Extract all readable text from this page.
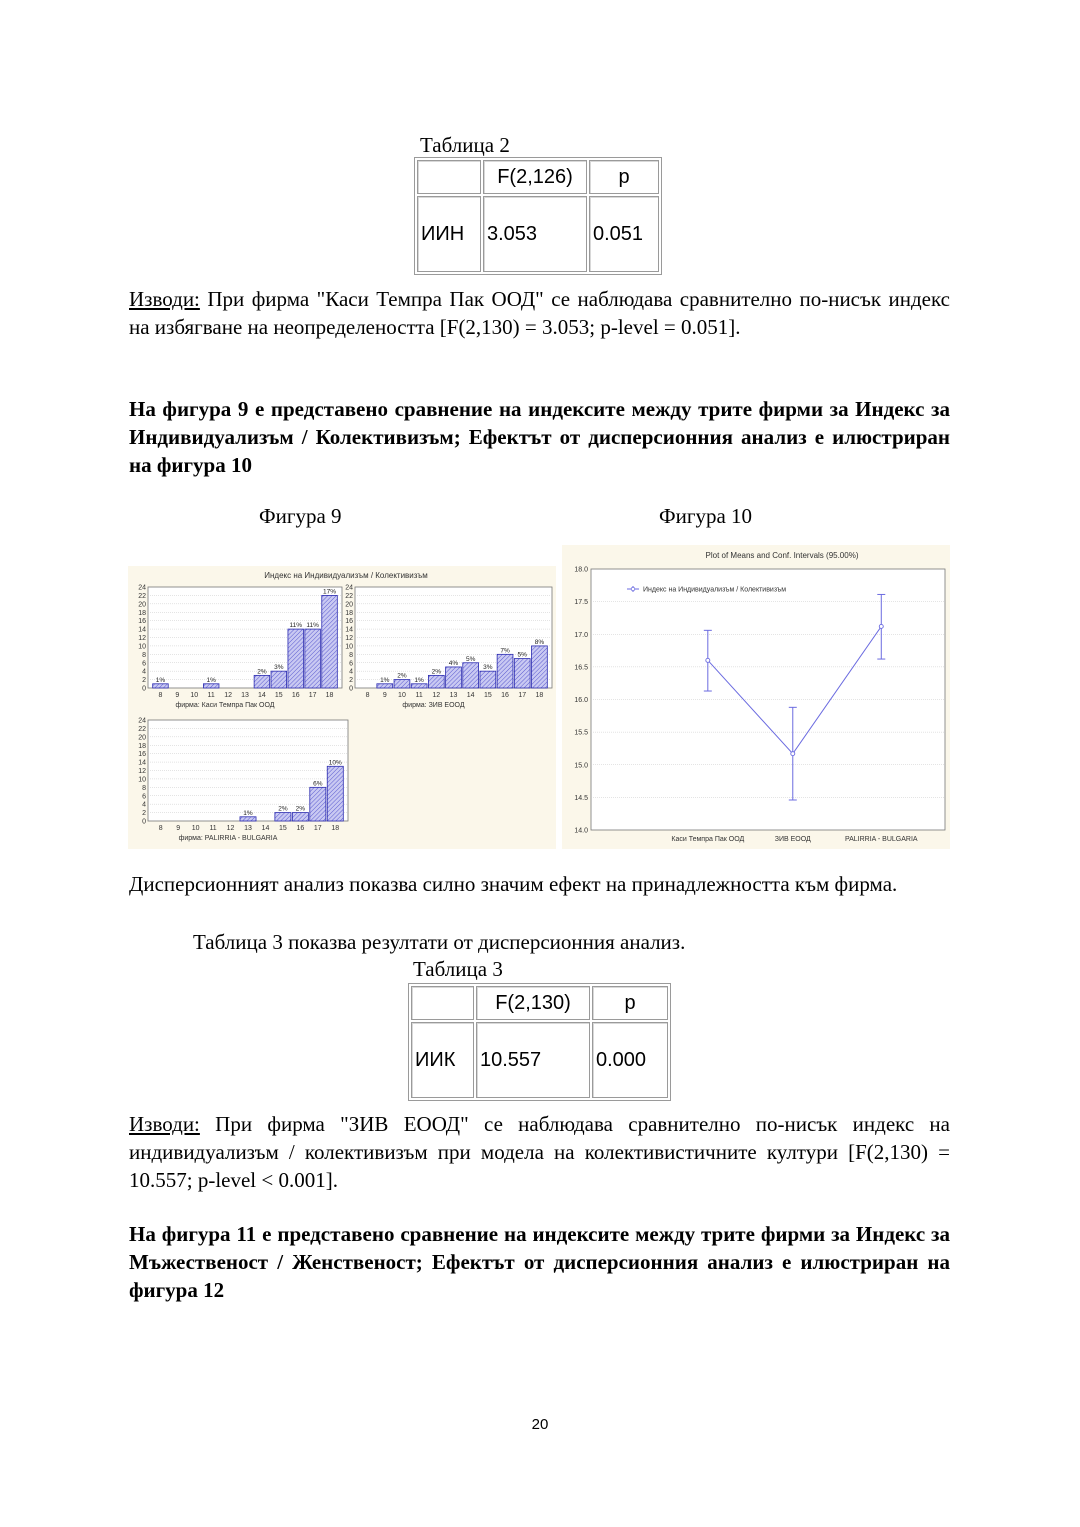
Таблица 2
	F(2,126)	p
ИИН	3.053	0.051
Изводи: При фирма "Каси Темпра Пак ООД" се наблюдава сравнително по-нисък индекс на избягване на неопределеността [F(2,130) = 3.053; p-level = 0.051].
На фигура 9 е представено сравнение на индексите между трите фирми за Индекс за Индивидуализъм / Колективизъм; Ефектът от дисперсионния анализ е илюстриран на фигура 10
Фигура 9	Фигура 10
Индекс на Индивидуализъм / Колективизъм
0
2
4
6
8
10
12
14
16
18
20
22
24
8
1%
9 10 11
1%
12 13 14
2%
15
3%
16
11%
17
11%
18
17%
фирма: Каси Темпра Пак ООД
0
2
4
6
8
10
12
14
16
18
20
22
24
8 9
1%
10
2%
11
1%
12
2%
13
4%
14
5%
15
3%
16
7%
17
5%
18
8%
фирма: ЗИВ ЕООД
0
2
4
6
8
10
12
14
16
18
20
22
24
8 9 10 11 12 13
1%
14 15
2%
16
2%
17
6%
18
10%
фирма: PALIRRIA - BULGARIA
Plot of Means and Conf. Intervals (95.00%)
14.0
14.5
15.0
15.5
16.0
16.5
17.0
17.5
18.0
Каси Темпра Пак ООД	ЗИВ ЕООД	PALIRRIA - BULGARIA
Индекс на Индивидуализъм / Колективизъм
Дисперсионният анализ показва силно значим ефект на принадлежността към фирма.
Таблица 3 показва резултати от дисперсионния анализ.
Таблица 3
	F(2,130)	p
ИИК	10.557	0.000
Изводи: При фирма "ЗИВ ЕООД" се наблюдава сравнително по-нисък индекс на индивидуализъм / колективизъм при модела на колективистичните култури [F(2,130) = 10.557; p-level < 0.001].
На фигура 11 е представено сравнение на индексите между трите фирми за Индекс за Мъжественост / Женственост; Ефектът от дисперсионния анализ е илюстриран на фигура 12
20
